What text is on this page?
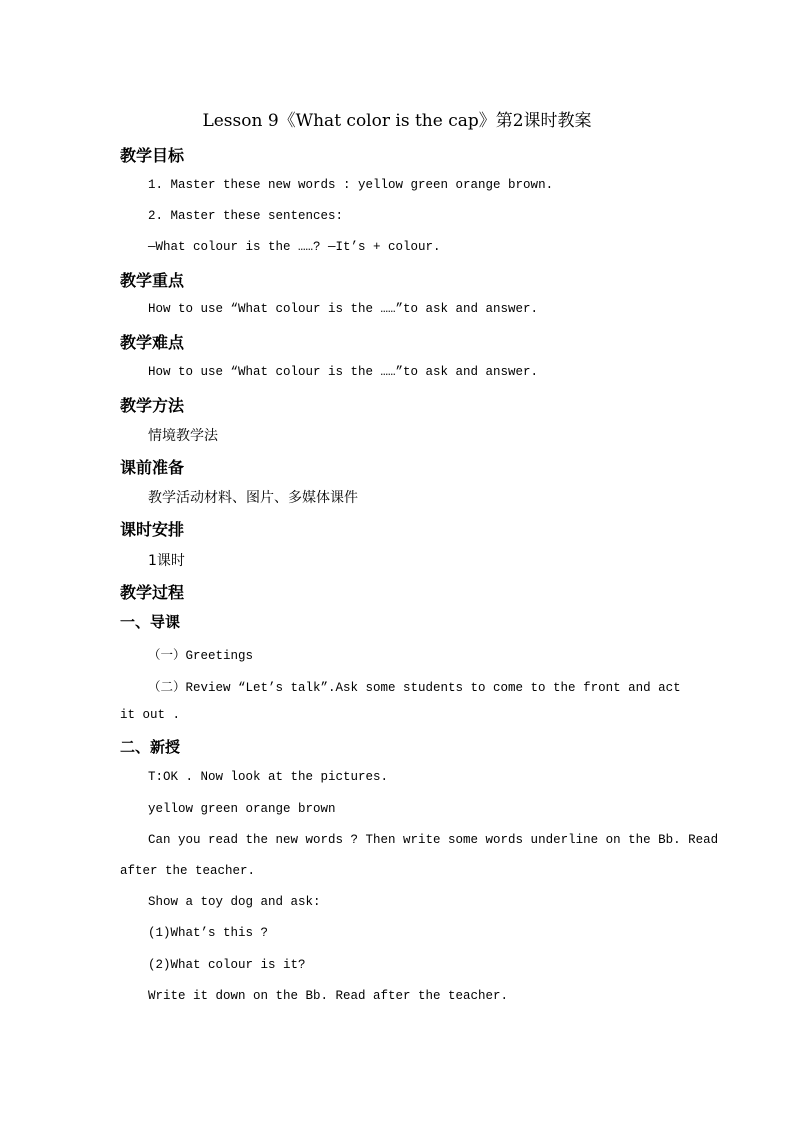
Lesson 9《What color is the cap》第2课时教案
教学目标
1. Master these new words : yellow green orange brown.
2. Master these sentences:
—What colour is the ……? —It’s + colour.
教学重点
How to use “What colour is the ……”to ask and answer.
教学难点
How to use “What colour is the ……”to ask and answer.
教学方法
情境教学法
课前准备
教学活动材料、图片、多媒体课件
课时安排
1课时
教学过程
一、导课
（一）Greetings
（二）Review “Let’s talk”.Ask some students to come to the front and act
it out .
二、新授
T:OK . Now look at the pictures.
yellow green orange brown
Can you read the new words ? Then write some words underline on the Bb. Read
after the teacher.
Show a toy dog and ask:
(1)What’s this ?
(2)What colour is it?
Write it down on the Bb. Read after the teacher.
